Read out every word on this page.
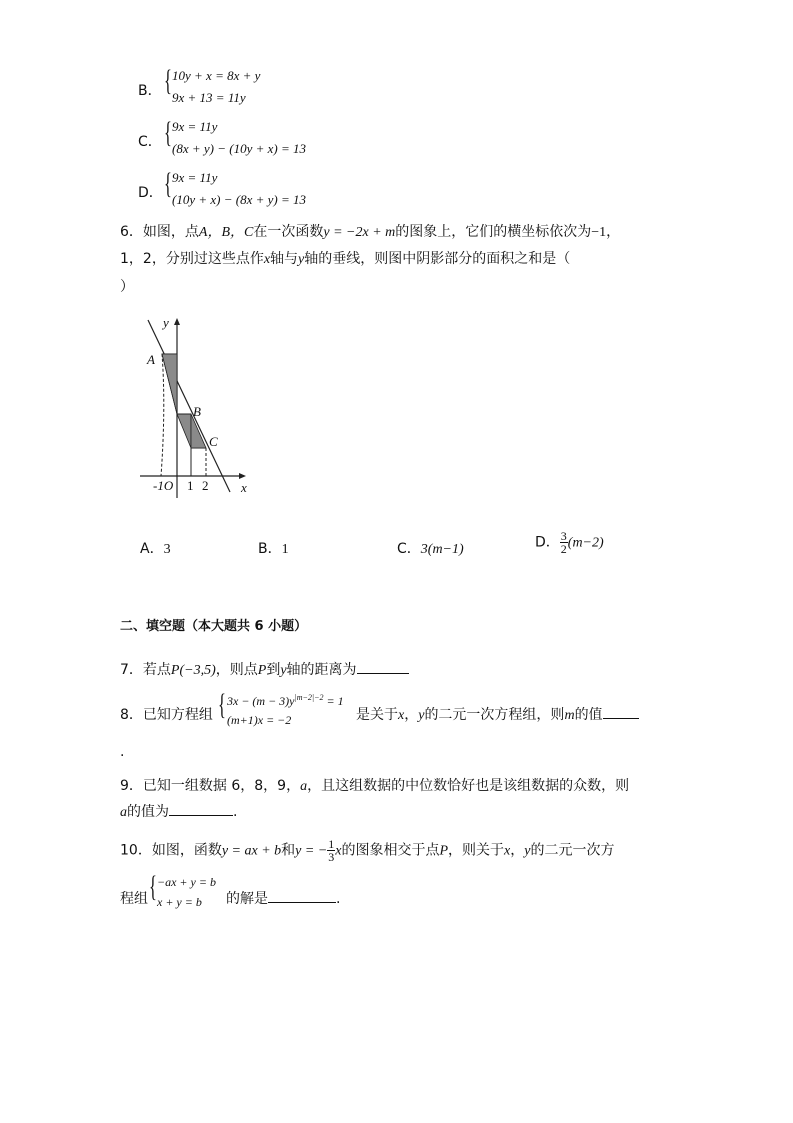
B． { 10y + x = 8x + y
9x + 13 = 11y
C． { 9x = 11y
(8x + y) − (10y + x) = 13
D． { 9x = 11y
(10y + x) − (8x + y) = 13
6．如图，点A，B，C在一次函数y = −2x + m的图象上，它们的横坐标依次为−1，
1，2，分别过这些点作x轴与y轴的垂线，则图中阴影部分的面积之和是（
）
y
x
A
B
C
-1O 1 2
A．3	B．1	C．3(m−1)	D． $\frac{3}{2} (m-2)$
二、填空题（本大题共 6 小题）
7．若点P(−3,5)，则点P到y轴的距离为
8．已知方程组 { $3x - (m - 3)y^{|m-2|-2} = 1$
(m+1)x = −2	是关于x，y的二元一次方程组，则m的值
.
9．已知一组数据 6，8，9，a，且这组数据的中位数恰好也是该组数据的众数，则
a的值为	.
10．如图，函数y = ax + b和y = − $\frac{1}{3}$ x的图象相交于点P，则关于x，y的二元一次方
程组 { −ax + y = b
x + y = b 的解是	.
